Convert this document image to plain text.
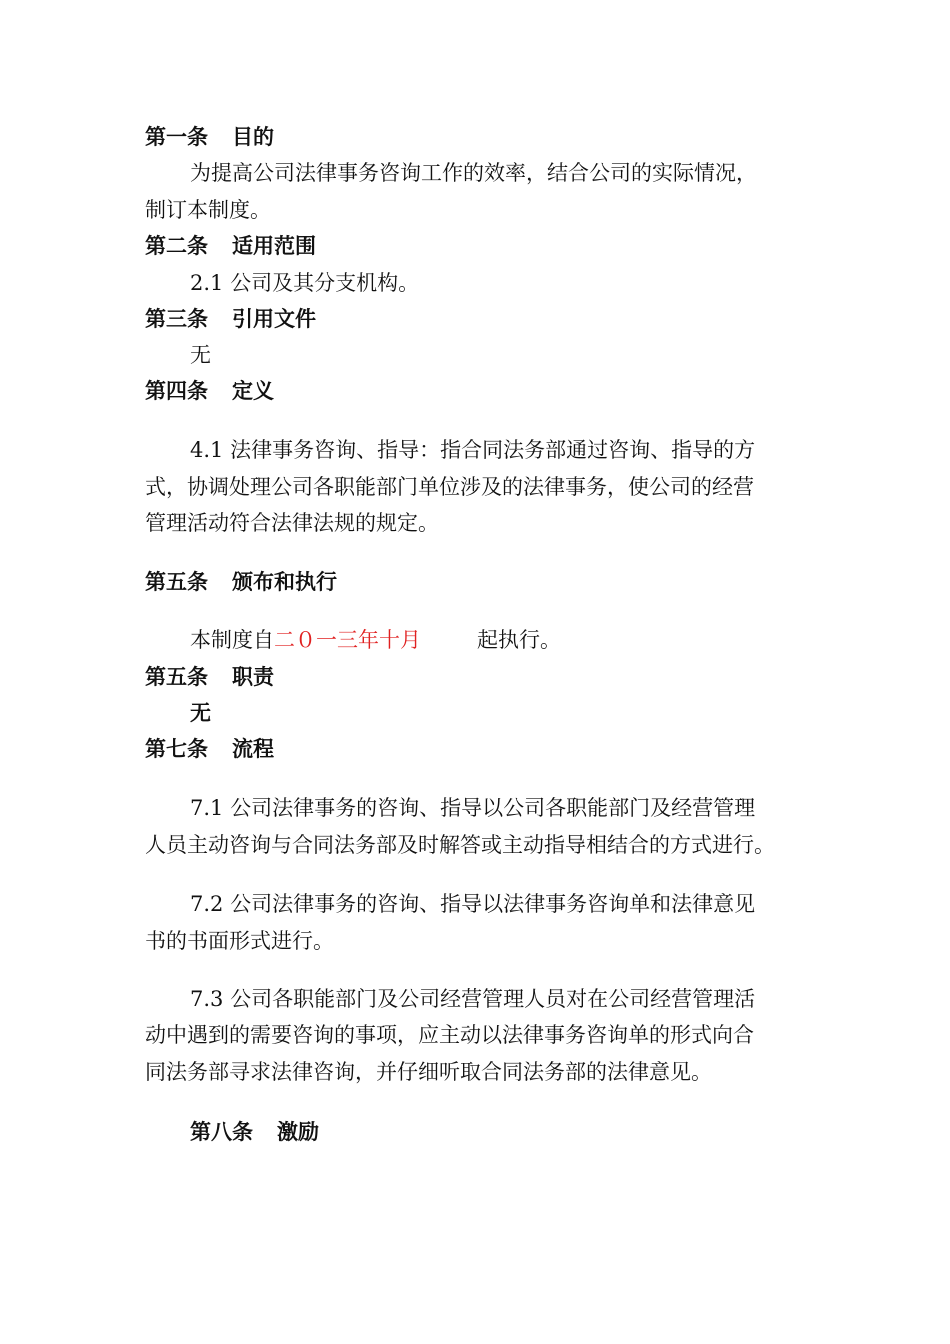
第一条 目的
为提高公司法律事务咨询工作的效率，结合公司的实际情况，
制订本制度。
第二条 适用范围
2.1 公司及其分支机构。
第三条 引用文件
无
第四条 定义
4.1 法律事务咨询、指导：指合同法务部通过咨询、指导的方
式，协调处理公司各职能部门单位涉及的法律事务，使公司的经营
管理活动符合法律法规的规定。
第五条 颁布和执行
本制度自二０一三年十月	起执行。
第五条 职责
无
第七条 流程
7.1 公司法律事务的咨询、指导以公司各职能部门及经营管理
人员主动咨询与合同法务部及时解答或主动指导相结合的方式进行。
7.2 公司法律事务的咨询、指导以法律事务咨询单和法律意见
书的书面形式进行。
7.3 公司各职能部门及公司经营管理人员对在公司经营管理活
动中遇到的需要咨询的事项，应主动以法律事务咨询单的形式向合
同法务部寻求法律咨询，并仔细听取合同法务部的法律意见。
第八条 激励
